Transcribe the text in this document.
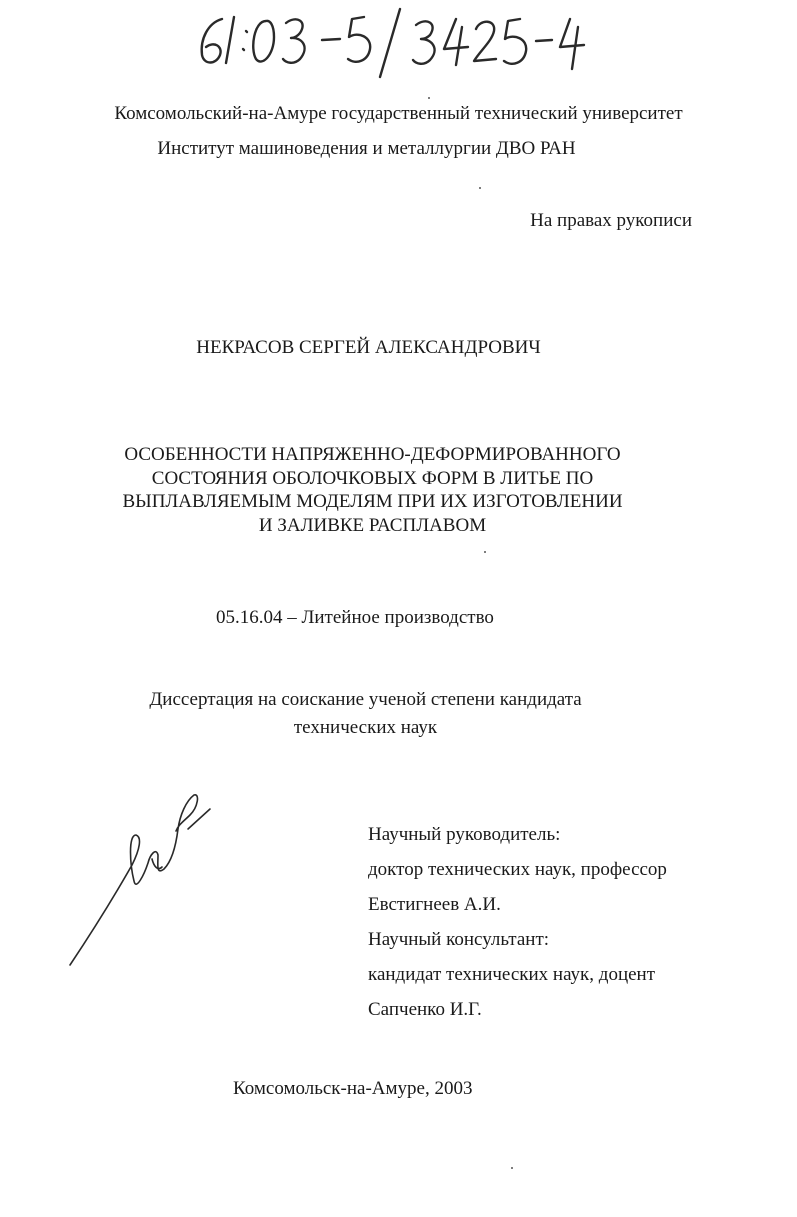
Комсомольский-на-Амуре государственный технический университет
Институт машиноведения и металлургии ДВО РАН
На правах рукописи
НЕКРАСОВ СЕРГЕЙ АЛЕКСАНДРОВИЧ
ОСОБЕННОСТИ НАПРЯЖЕННО-ДЕФОРМИРОВАННОГО
СОСТОЯНИЯ ОБОЛОЧКОВЫХ ФОРМ В ЛИТЬЕ ПО
ВЫПЛАВЛЯЕМЫМ МОДЕЛЯМ ПРИ ИХ ИЗГОТОВЛЕНИИ
И ЗАЛИВКЕ РАСПЛАВОМ
05.16.04 – Литейное производство
Диссертация на соискание ученой степени кандидата
технических наук
Научный руководитель:
доктор технических наук, профессор
Евстигнеев А.И.
Научный консультант:
кандидат технических наук, доцент
Сапченко И.Г.
Комсомольск-на-Амуре, 2003
